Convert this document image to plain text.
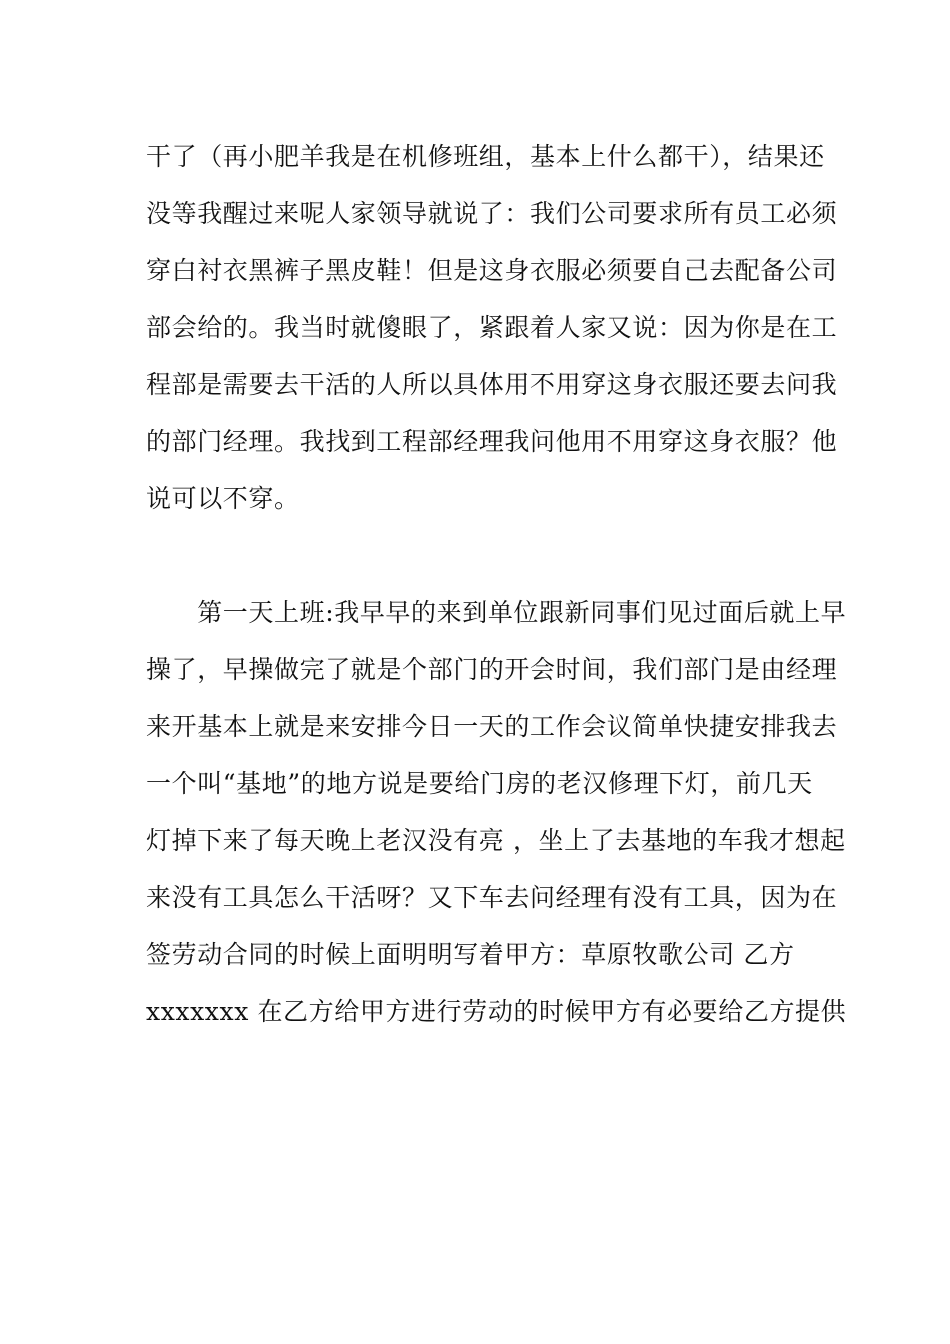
干了（再小肥羊我是在机修班组，基本上什么都干），结果还
没等我醒过来呢人家领导就说了：我们公司要求所有员工必须
穿白衬衣黑裤子黑皮鞋！但是这身衣服必须要自己去配备公司
部会给的。我当时就傻眼了，紧跟着人家又说：因为你是在工
程部是需要去干活的人所以具体用不用穿这身衣服还要去问我
的部门经理。我找到工程部经理我问他用不用穿这身衣服？他
说可以不穿。
　　第一天上班:我早早的来到单位跟新同事们见过面后就上早
操了，早操做完了就是个部门的开会时间，我们部门是由经理
来开基本上就是来安排今日一天的工作会议简单快捷安排我去
一个叫“基地”的地方说是要给门房的老汉修理下灯，前几天
灯掉下来了每天晚上老汉没有亮 ，坐上了去基地的车我才想起
来没有工具怎么干活呀？又下车去问经理有没有工具，因为在
签劳动合同的时候上面明明写着甲方：草原牧歌公司 乙方
xxxxxxx 在乙方给甲方进行劳动的时候甲方有必要给乙方提供
